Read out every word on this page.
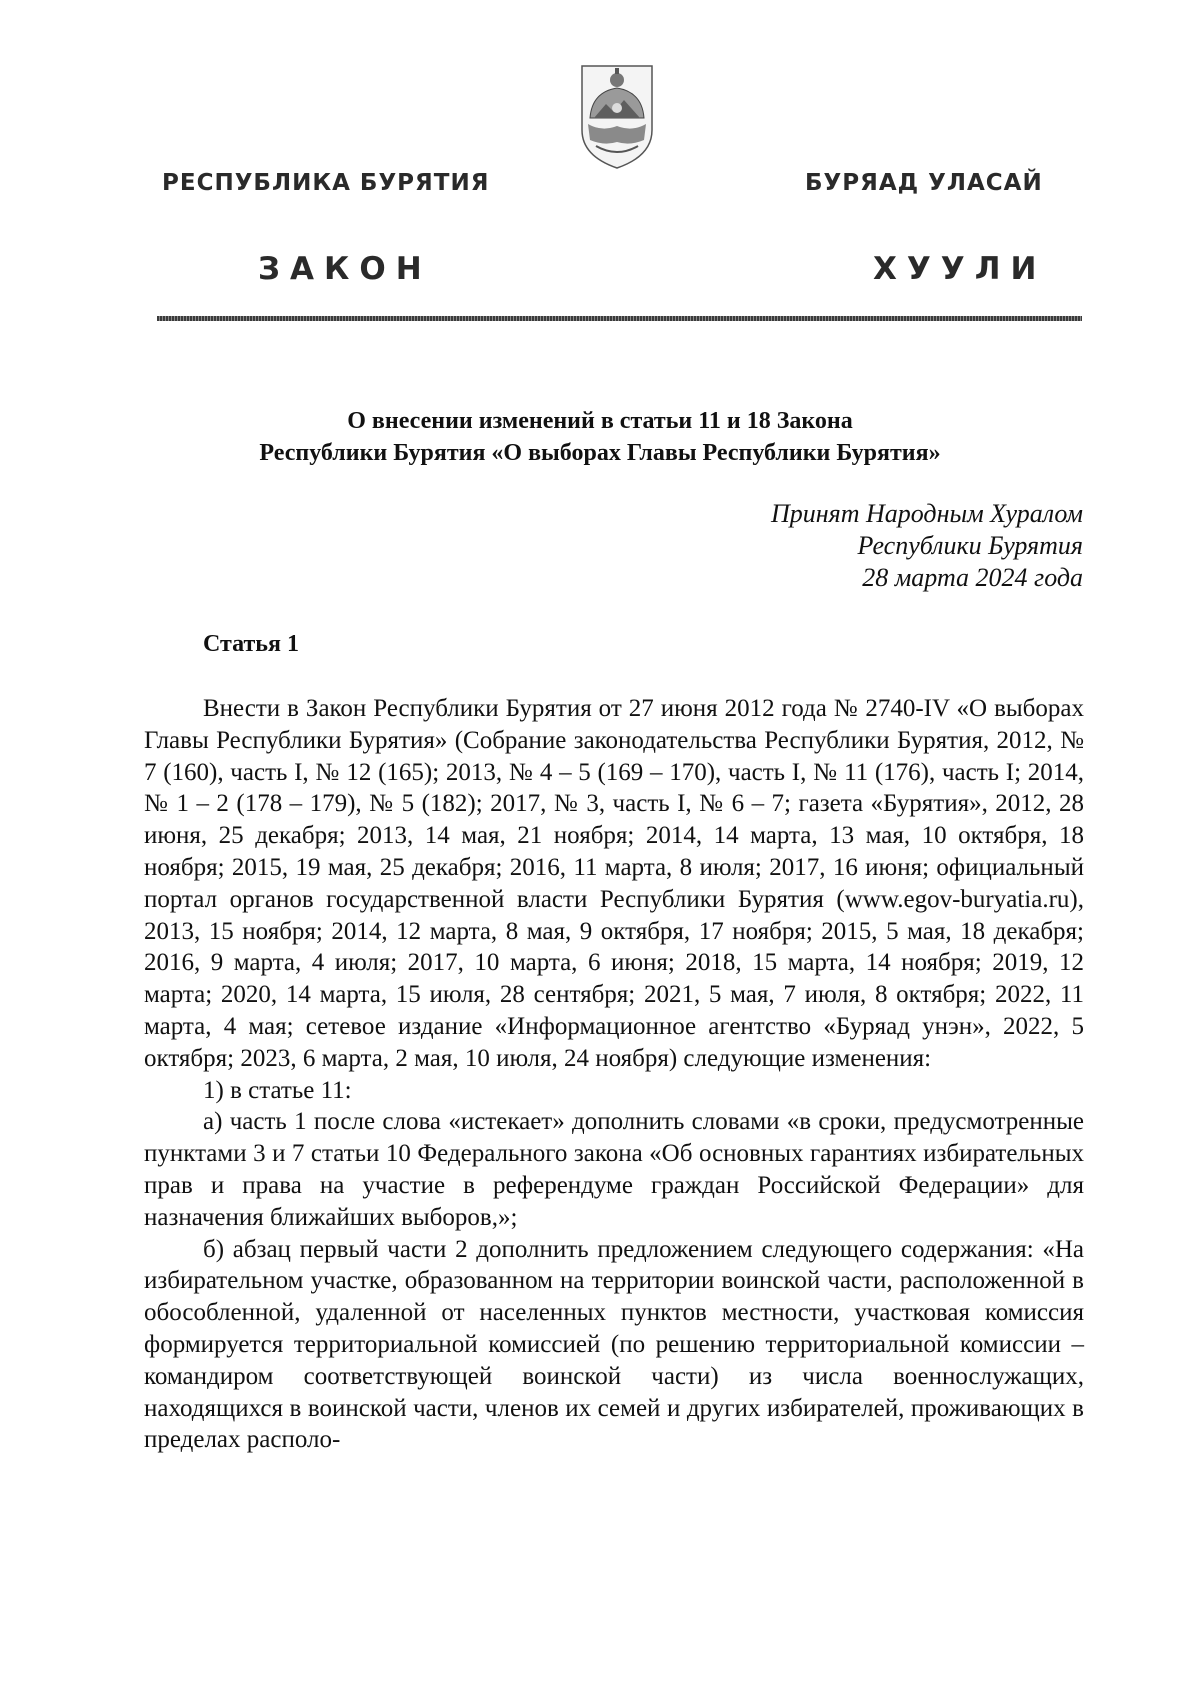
РЕСПУБЛИКА БУРЯТИЯ	БУРЯАД УЛАСАЙ
ЗАКОН	ХУУЛИ
О внесении изменений в статьи 11 и 18 Закона
Республики Бурятия «О выборах Главы Республики Бурятия»
Принят Народным Хуралом
Республики Бурятия
28 марта 2024 года
Статья 1

Внести в Закон Республики Бурятия от 27 июня 2012 года № 2740-IV «О выборах Главы Республики Бурятия» (Собрание законодательства Республики Бурятия, 2012, № 7 (160), часть I, № 12 (165); 2013, № 4 – 5 (169 – 170), часть I, № 11 (176), часть I; 2014, № 1 – 2 (178 – 179), № 5 (182); 2017, № 3, часть I, № 6 – 7; газета «Бурятия», 2012, 28 июня, 25 декабря; 2013, 14 мая, 21 ноября; 2014, 14 марта, 13 мая, 10 октября, 18 ноября; 2015, 19 мая, 25 декабря; 2016, 11 марта, 8 июля; 2017, 16 июня; официальный портал органов государственной власти Республики Бурятия (www.egov-buryatia.ru), 2013, 15 ноября; 2014, 12 марта, 8 мая, 9 октября, 17 ноября; 2015, 5 мая, 18 декабря; 2016, 9 марта, 4 июля; 2017, 10 марта, 6 июня; 2018, 15 марта, 14 ноября; 2019, 12 марта; 2020, 14 марта, 15 июля, 28 сентября; 2021, 5 мая, 7 июля, 8 октября; 2022, 11 марта, 4 мая; сетевое издание «Информационное агентство «Буряад унэн», 2022, 5 октября; 2023, 6 марта, 2 мая, 10 июля, 24 ноября) следующие изменения:

1) в статье 11:

а) часть 1 после слова «истекает» дополнить словами «в сроки, предусмотренные пунктами 3 и 7 статьи 10 Федерального закона «Об основных гарантиях избирательных прав и права на участие в референдуме граждан Российской Федерации» для назначения ближайших выборов,»;

б) абзац первый части 2 дополнить предложением следующего содержания: «На избирательном участке, образованном на территории воинской части, расположенной в обособленной, удаленной от населенных пунктов местности, участковая комиссия формируется территориальной комиссией (по решению территориальной комиссии – командиром соответствующей воинской части) из числа военнослужащих, находящихся в воинской части, членов их семей и других избирателей, проживающих в пределах располо-
